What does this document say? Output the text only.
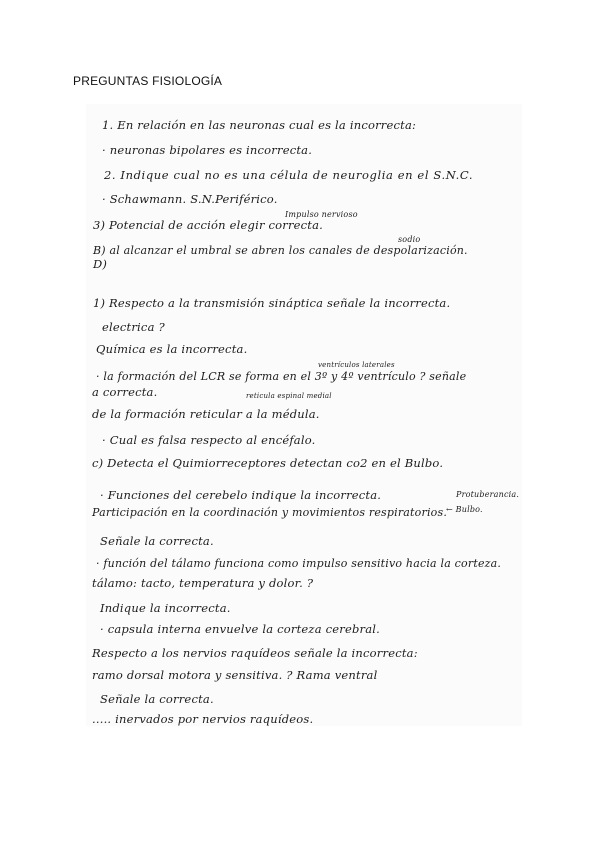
PREGUNTAS FISIOLOGÍA
1. En relación en las neuronas cual es la incorrecta:
· neuronas bipolares es incorrecta.
2. Indique cual no es una célula de neuroglia en el S.N.C.
· Schawmann. S.N.Periférico.
3) Potencial de acción elegir correcta.
Impulso nervioso
B) al alcanzar el umbral se abren los canales de despolarización.
sodio
D)
1) Respecto a la transmisión sináptica señale la incorrecta.
electrica ?
Química es la incorrecta.
ventrículos laterales
· la formación del LCR se forma en el 3º y 4º ventrículo ? señale
a correcta.	reticula espinal medial
de la formación reticular a la médula.
· Cual es falsa respecto al encéfalo.
c) Detecta el Quimiorreceptores detectan co2 en el Bulbo.
· Funciones del cerebelo indique la incorrecta.	Protuberancia.
Participación en la coordinación y movimientos respiratorios.
← Bulbo.
Señale la correcta.
· función del tálamo funciona como impulso sensitivo hacia la corteza.
tálamo: tacto, temperatura y dolor. ?
Indique la incorrecta.
· capsula interna envuelve la corteza cerebral.
Respecto a los nervios raquídeos señale la incorrecta:
ramo dorsal motora y sensitiva. ? Rama ventral
Señale la correcta.
..... inervados por nervios raquídeos.
